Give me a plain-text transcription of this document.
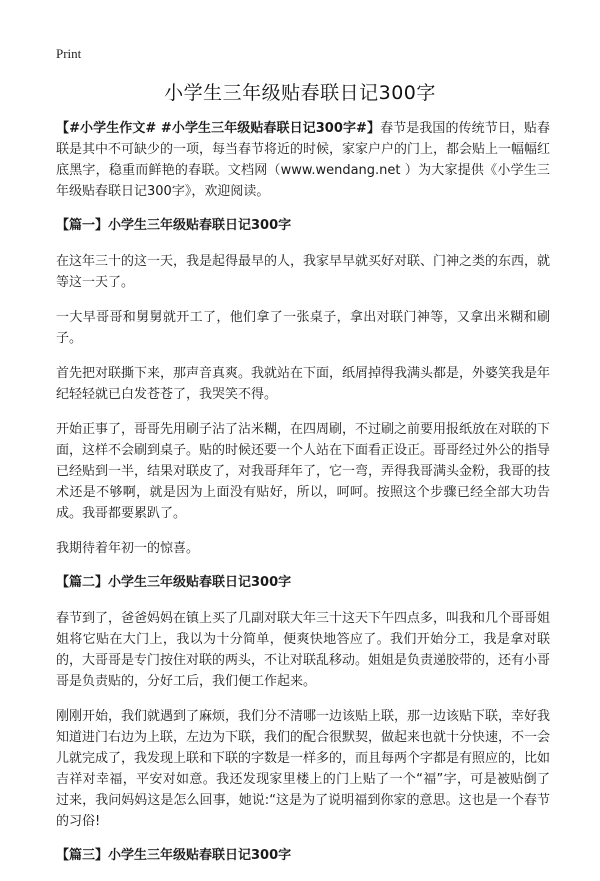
Print
小学生三年级贴春联日记300字

【#小学生作文# #小学生三年级贴春联日记300字#】春节是我国的传统节日，贴春联是其中不可缺少的一项，每当春节将近的时候，家家户户的门上，都会贴上一幅幅红底黑字，稳重而鲜艳的春联。文档网（www.wendang.net ）为大家提供《小学生三年级贴春联日记300字》，欢迎阅读。

【篇一】小学生三年级贴春联日记300字

在这年三十的这一天，我是起得最早的人，我家早早就买好对联、门神之类的东西，就等这一天了。

一大早哥哥和舅舅就开工了，他们拿了一张桌子，拿出对联门神等，又拿出米糊和刷子。

首先把对联撕下来，那声音真爽。我就站在下面，纸屑掉得我满头都是，外婆笑我是年纪轻轻就已白发苍苍了，我哭笑不得。

开始正事了，哥哥先用刷子沾了沾米糊，在四周刷，不过刷之前要用报纸放在对联的下面，这样不会刷到桌子。贴的时候还要一个人站在下面看正设正。哥哥经过外公的指导已经贴到一半，结果对联皮了，对我哥拜年了，它一弯，弄得我哥满头金粉，我哥的技术还是不够啊，就是因为上面没有贴好，所以，呵呵。按照这个步骤已经全部大功告成。我哥都要累趴了。

我期待着年初一的惊喜。

【篇二】小学生三年级贴春联日记300字

春节到了，爸爸妈妈在镇上买了几副对联大年三十这天下午四点多，叫我和几个哥哥姐姐将它贴在大门上，我以为十分简单，便爽快地答应了。我们开始分工，我是拿对联的，大哥哥是专门按住对联的两头，不让对联乱移动。姐姐是负责递胶带的，还有小哥哥是负责贴的，分好工后，我们便工作起来。

刚刚开始，我们就遇到了麻烦，我们分不清哪一边该贴上联，那一边该贴下联，幸好我知道进门右边为上联，左边为下联，我们的配合很默契，做起来也就十分快速，不一会儿就完成了，我发现上联和下联的字数是一样多的，而且每两个字都是有照应的，比如吉祥对幸福，平安对如意。我还发现家里楼上的门上贴了一个“福”字，可是被贴倒了过来，我问妈妈这是怎么回事，她说:“这是为了说明福到你家的意思。这也是一个春节的习俗!

【篇三】小学生三年级贴春联日记300字
